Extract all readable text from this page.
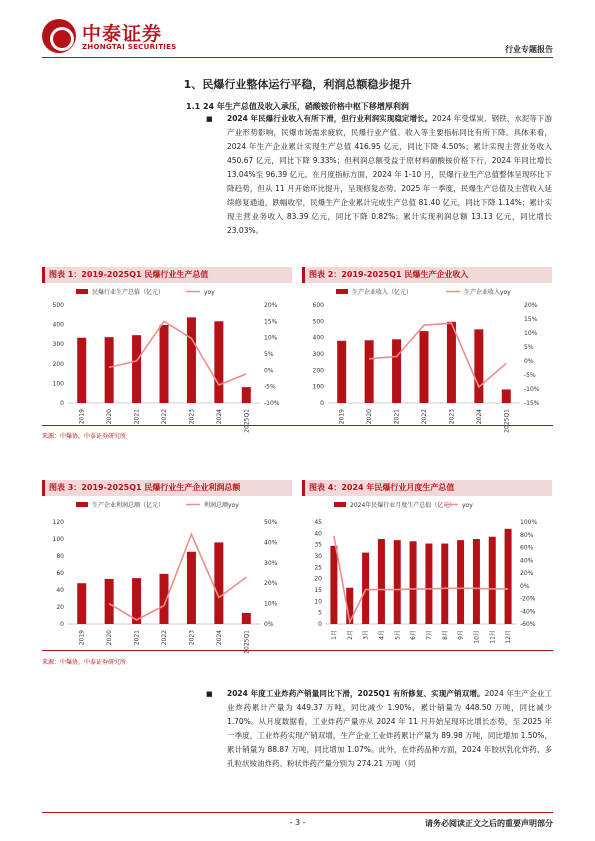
中泰证券
ZHONGTAI SECURITIES	行业专题报告
1、民爆行业整体运行平稳，利润总额稳步提升
1.1 24 年生产总值及收入承压，硝酸铵价格中枢下移增厚利润
■ 2024 年民爆行业收入有所下滑，但行业利润实现稳定增长。2024 年受煤炭、钢铁、水泥等下游产业形势影响，民爆市场需求疲软，民爆行业产值、收入等主要指标同比有所下降。具体来看，2024 年生产企业累计实现生产总值 416.95 亿元，同比下降 4.50%；累计实现主营业务收入 450.67 亿元，同比下降 9.33%；但利润总额受益于原材料硝酸铵价格下行，2024 年同比增长 13.04%至 96.39 亿元。在月度指标方面，2024 年 1-10 月，民爆行业生产总值整体呈现环比下降趋势，但从 11 月开始环比提升，呈现修复态势。2025 年一季度，民爆生产总值及主营收入延续修复通道，跌幅收窄，民爆生产企业累计完成生产总值 81.40 亿元，同比下降 1.14%；累计实现主营业务收入 83.39 亿元，同比下降 0.82%；累计实现利润总额 13.13 亿元，同比增长 23.03%。
图表 1：2019-2025Q1 民爆行业生产总值
民爆行业生产总值（亿元）	yoy
0
100
200
300
400
500
-10%
-5%
0%
5%
10%
15%
20%
2019	2020	2021	2022	2023	2024	2025Q1
图表 2：2019-2025Q1 民爆生产企业收入
生产企业收入（亿元）	生产企业收入yoy
0
100
200
300
400
500
600
-15%
-10%
-5%
0%
5%
10%
15%
20%
2019	2020	2021	2022	2023	2024	2025Q1
来源：中爆协，中泰证券研究所
图表 3：2019-2025Q1 民爆行业生产企业利润总额
生产企业利润总额（亿元）	利润总额yoy
0
20
40
60
80
100
120
0%
10%
20%
30%
40%
50%
2019	2020	2021	2022	2023	2024	2025Q1
图表 4：2024 年民爆行业月度生产总值
2024年民爆行业月度生产总值（亿元） yoy
0
5
10
15
20
25
30
35
40
45
-60%
-40%
-20%
0%
20%
40%
60%
80%
100%
1月 2月 3月 4月 5月 6月 7月 8月 9月 10月 11月 12月
来源：中爆协，中泰证券研究所
■ 2024 年度工业炸药产销量同比下滑，2025Q1 有所修复、实现产销双增。2024 年生产企业工业炸药累计产量为 449.37 万吨，同比减少 1.90%，累计销量为 448.50 万吨，同比减少 1.70%。从月度数据看，工业炸药产量亦从 2024 年 11 月开始呈现环比增长态势，至 2025 年一季度，工业炸药实现产销双增，生产企业工业炸药累计产量为 89.98 万吨，同比增加 1.50%，累计销量为 88.87 万吨，同比增加 1.07%。此外，在炸药品种方面，2024 年胶状乳化炸药、多孔粒状铵油炸药、粉状炸药产量分别为 274.21 万吨（同
- 3 -	请务必阅读正文之后的重要声明部分
